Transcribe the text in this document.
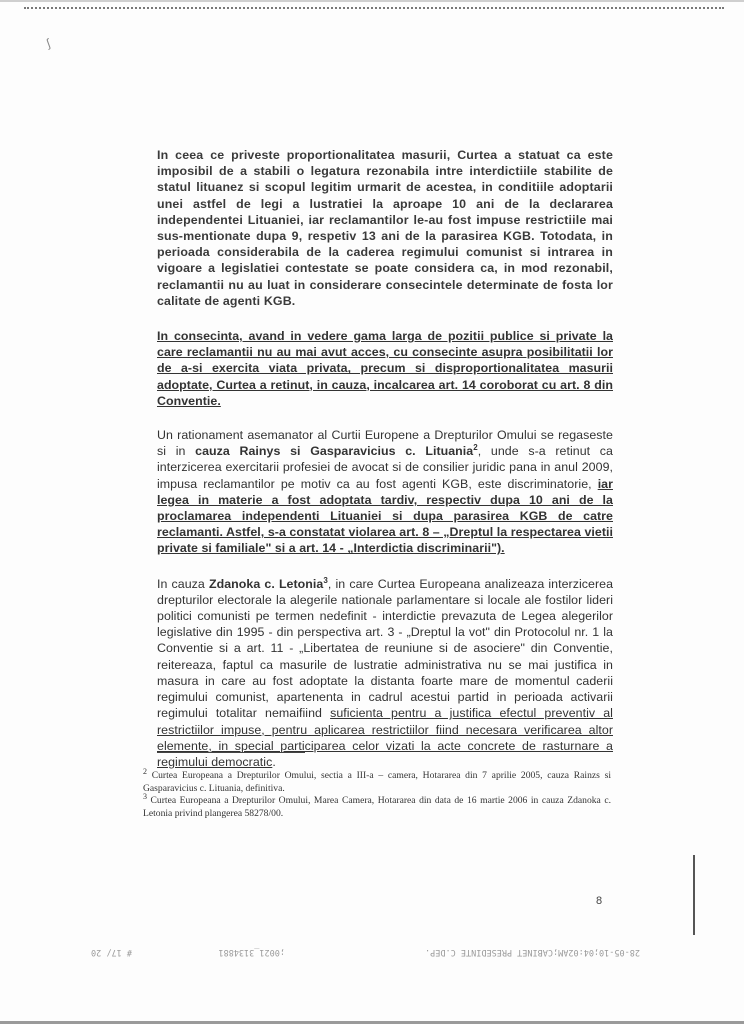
ʃ

In ceea ce priveste proportionalitatea masurii, Curtea a statuat ca este imposibil de a stabili o legatura rezonabila intre interdictiile stabilite de statul lituanez si scopul legitim urmarit de acestea, in conditiile adoptarii unei astfel de legi a lustratiei la aproape 10 ani de la declararea independentei Lituaniei, iar reclamantilor le-au fost impuse restrictiile mai sus-mentionate dupa 9, respetiv 13 ani de la parasirea KGB. Totodata, in perioada considerabila de la caderea regimului comunist si intrarea in vigoare a legislatiei contestate se poate considera ca, in mod rezonabil, reclamantii nu au luat in considerare consecintele determinate de fosta lor calitate de agenti KGB.

In consecinta, avand in vedere gama larga de pozitii publice si private la care reclamantii nu au mai avut acces, cu consecinte asupra posibilitatii lor de a-si exercita viata privata, precum si disproportionalitatea masurii adoptate, Curtea a retinut, in cauza, incalcarea art. 14 coroborat cu art. 8 din Conventie.

Un rationament asemanator al Curtii Europene a Drepturilor Omului se regaseste si in cauza Rainys si Gasparavicius c. Lituania$^2$, unde s-a retinut ca interzicerea exercitarii profesiei de avocat si de consilier juridic pana in anul 2009, impusa reclamantilor pe motiv ca au fost agenti KGB, este discriminatorie, iar legea in materie a fost adoptata tardiv, respectiv dupa 10 ani de la proclamarea independenti Lituaniei si dupa parasirea KGB de catre reclamanti. Astfel, s-a constatat violarea art. 8 – „Dreptul la respectarea vietii private si familiale" si a art. 14 - „Interdictia discriminarii").

In cauza Zdanoka c. Letonia$^3$, in care Curtea Europeana analizeaza interzicerea drepturilor electorale la alegerile nationale parlamentare si locale ale fostilor lideri politici comunisti pe termen nedefinit - interdictie prevazuta de Legea alegerilor legislative din 1995 - din perspectiva art. 3 - „Dreptul la vot" din Protocolul nr. 1 la Conventie si a art. 11 - „Libertatea de reuniune si de asociere" din Conventie, reitereaza, faptul ca masurile de lustratie administrativa nu se mai justifica in masura in care au fost adoptate la distanta foarte mare de momentul caderii regimului comunist, apartenenta in cadrul acestui partid in perioada activarii regimului totalitar nemaifiind suficienta pentru a justifica efectul preventiv al restrictiilor impuse, pentru aplicarea restrictiilor fiind necesara verificarea altor elemente, in special participarea celor vizati la acte concrete de rasturnare a regimului democratic.

$^2$ Curtea Europeana a Drepturilor Omului, sectia a III-a – camera, Hotararea din 7 aprilie 2005, cauza Rainzs si Gasparavicius c. Lituania, definitiva.
$^3$ Curtea Europeana a Drepturilor Omului, Marea Camera, Hotararea din data de 16 martie 2006 in cauza Zdanoka c. Letonia privind plangerea 58278/00.
8
28-05-10;04:02AM;CABINET PRESEDINTE C.DEP.
;0021_3134881
# 17/ 20
